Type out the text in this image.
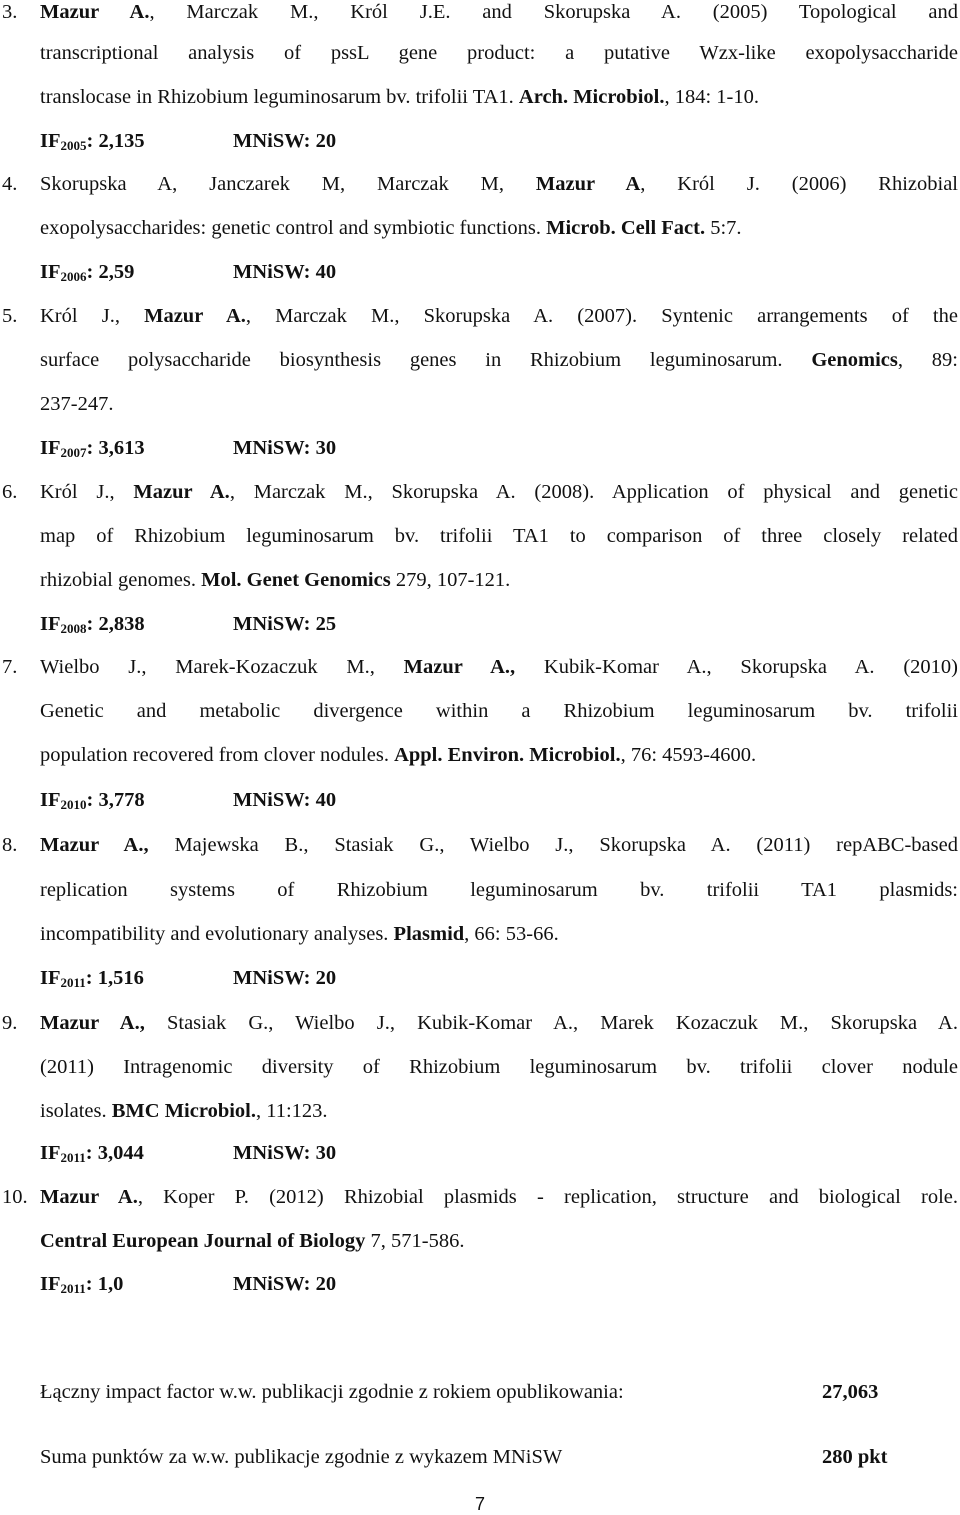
3. Mazur A., Marczak M., Król J.E. and Skorupska A. (2005) Topological and
transcriptional analysis of pssL gene product: a putative Wzx-like exopolysaccharide
translocase in Rhizobium leguminosarum bv. trifolii TA1. Arch. Microbiol., 184: 1-10.
$IF_{2005}$: 2,135	MNiSW: 20
4. Skorupska A, Janczarek M, Marczak M, Mazur A, Król J. (2006) Rhizobial
exopolysaccharides: genetic control and symbiotic functions. Microb. Cell Fact. 5:7.
$IF_{2006}$: 2,59	MNiSW: 40
5. Król J., Mazur A., Marczak M., Skorupska A. (2007). Syntenic arrangements of the
surface polysaccharide biosynthesis genes in Rhizobium leguminosarum. Genomics, 89:
237-247.
$IF_{2007}$: 3,613	MNiSW: 30
6. Król J., Mazur A., Marczak M., Skorupska A. (2008). Application of physical and genetic
map of Rhizobium leguminosarum bv. trifolii TA1 to comparison of three closely related
rhizobial genomes. Mol. Genet Genomics 279, 107-121.
$IF_{2008}$: 2,838	MNiSW: 25
7. Wielbo J., Marek-Kozaczuk M., Mazur A., Kubik-Komar A., Skorupska A. (2010)
Genetic and metabolic divergence within a Rhizobium leguminosarum bv. trifolii
population recovered from clover nodules. Appl. Environ. Microbiol., 76: 4593-4600.
$IF_{2010}$: 3,778	MNiSW: 40
8. Mazur A., Majewska B., Stasiak G., Wielbo J., Skorupska A. (2011) repABC-based
replication systems of Rhizobium leguminosarum bv. trifolii TA1 plasmids:
incompatibility and evolutionary analyses. Plasmid, 66: 53-66.
$IF_{2011}$: 1,516	MNiSW: 20
9. Mazur A., Stasiak G., Wielbo J., Kubik-Komar A., Marek Kozaczuk M., Skorupska A.
(2011) Intragenomic diversity of Rhizobium leguminosarum bv. trifolii clover nodule
isolates. BMC Microbiol., 11:123.
$IF_{2011}$: 3,044	MNiSW: 30
10. Mazur A., Koper P. (2012) Rhizobial plasmids - replication, structure and biological role.
Central European Journal of Biology 7, 571-586.
$IF_{2011}$: 1,0	MNiSW: 20
Łączny impact factor w.w. publikacji zgodnie z rokiem opublikowania:	27,063
Suma punktów za w.w. publikacje zgodnie z wykazem MNiSW	280 pkt
7
